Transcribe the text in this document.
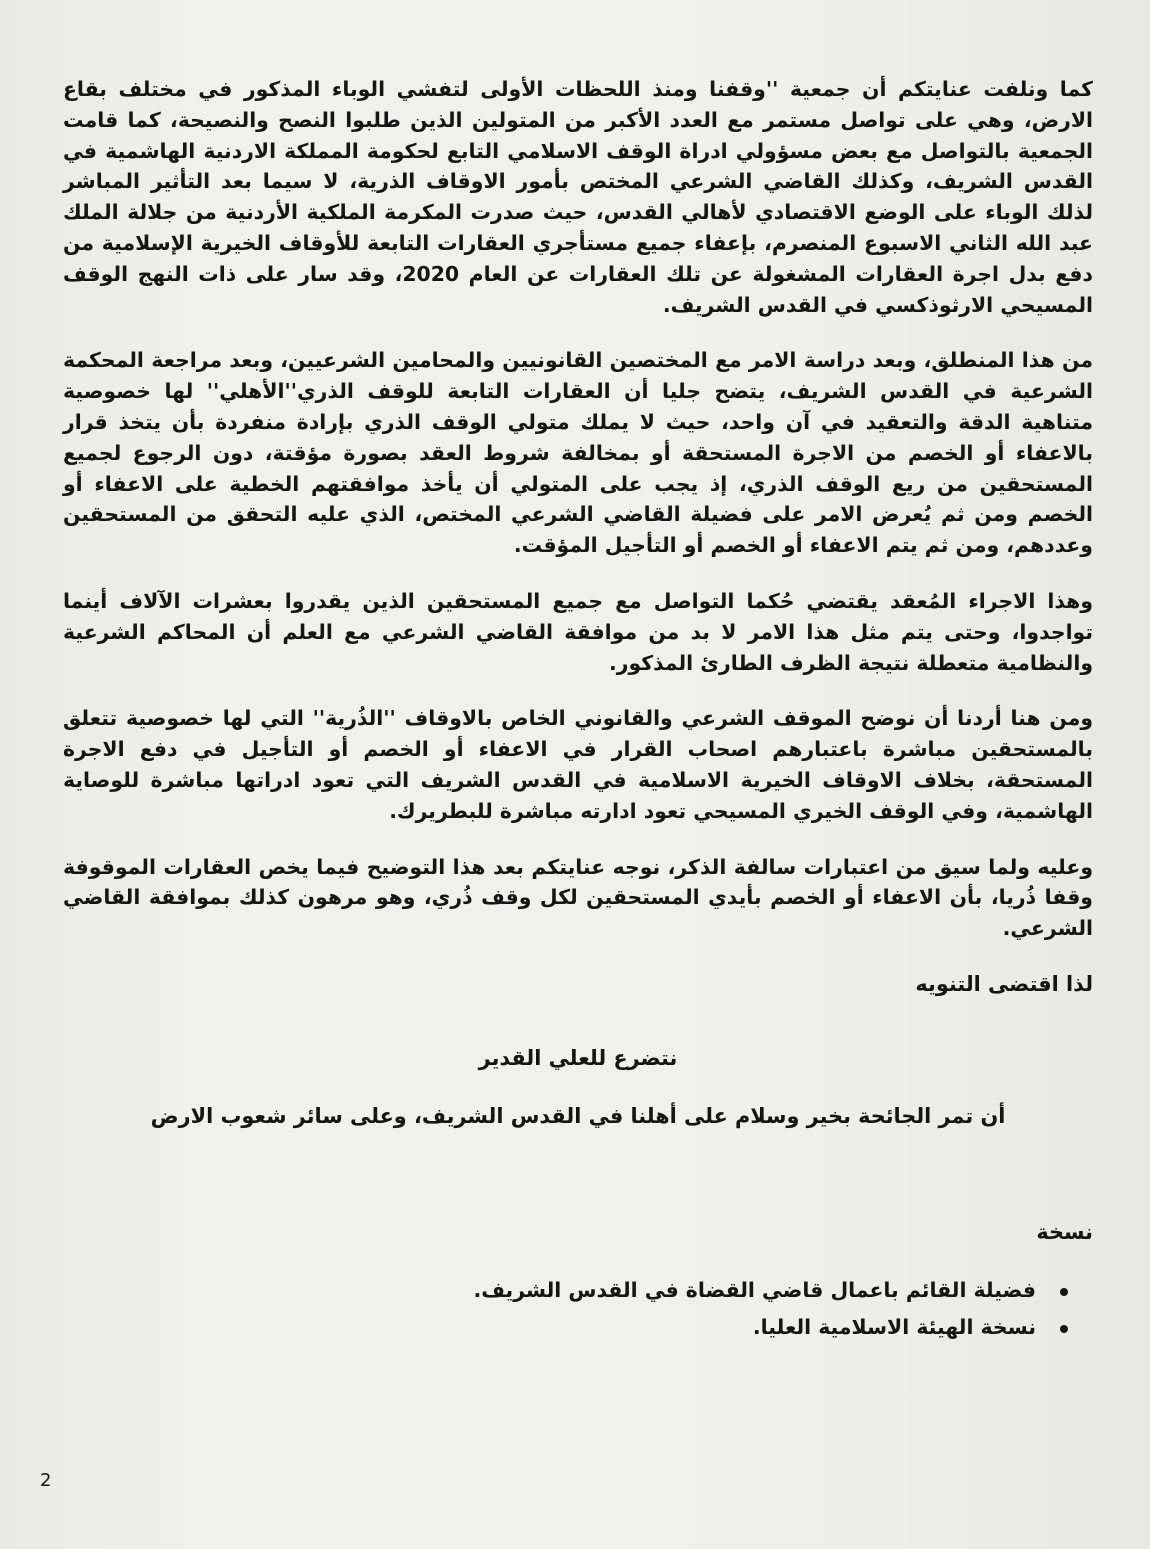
كما ونلفت عنايتكم أن جمعية ''وقفنا ومنذ اللحظات الأولى لتفشي الوباء المذكور في مختلف بقاع الارض، وهي على تواصل مستمر مع العدد الأكبر من المتولين الذين طلبوا النصح والنصيحة، كما قامت الجمعية بالتواصل مع بعض مسؤولي ادراة الوقف الاسلامي التابع لحكومة المملكة الاردنية الهاشمية في القدس الشريف، وكذلك القاضي الشرعي المختص بأمور الاوقاف الذرية، لا سيما بعد التأثير المباشر لذلك الوباء على الوضع الاقتصادي لأهالي القدس، حيث صدرت المكرمة الملكية الأردنية من جلالة الملك عبد الله الثاني الاسبوع المنصرم، بإعفاء جميع مستأجري العقارات التابعة للأوقاف الخيرية الإسلامية من دفع بدل اجرة العقارات المشغولة عن تلك العقارات عن العام 2020، وقد سار على ذات النهج الوقف المسيحي الارثوذكسي في القدس الشريف.

من هذا المنطلق، وبعد دراسة الامر مع المختصين القانونيين والمحامين الشرعيين، وبعد مراجعة المحكمة الشرعية في القدس الشريف، يتضح جليا أن العقارات التابعة للوقف الذري''الأهلي'' لها خصوصية متناهية الدقة والتعقيد في آن واحد، حيث لا يملك متولي الوقف الذري بإرادة منفردة بأن يتخذ قرار بالاعفاء أو الخصم من الاجرة المستحقة أو بمخالفة شروط العقد بصورة مؤقتة، دون الرجوع لجميع المستحقين من ريع الوقف الذري، إذ يجب على المتولي أن يأخذ موافقتهم الخطية على الاعفاء أو الخصم ومن ثم يُعرض الامر على فضيلة القاضي الشرعي المختص، الذي عليه التحقق من المستحقين وعددهم، ومن ثم يتم الاعفاء أو الخصم أو التأجيل المؤقت.

وهذا الاجراء المُعقد يقتضي حُكما التواصل مع جميع المستحقين الذين يقدروا بعشرات الآلاف أينما تواجدوا، وحتى يتم مثل هذا الامر لا بد من موافقة القاضي الشرعي مع العلم أن المحاكم الشرعية والنظامية متعطلة نتيجة الظرف الطارئ المذكور.

ومن هنا أردنا أن نوضح الموقف الشرعي والقانوني الخاص بالاوقاف ''الذُرية'' التي لها خصوصية تتعلق بالمستحقين مباشرة باعتبارهم اصحاب القرار في الاعفاء أو الخصم أو التأجيل في دفع الاجرة المستحقة، بخلاف الاوقاف الخيرية الاسلامية في القدس الشريف التي تعود ادراتها مباشرة للوصاية الهاشمية، وفي الوقف الخيري المسيحي تعود ادارته مباشرة للبطريرك.

وعليه ولما سيق من اعتبارات سالفة الذكر، نوجه عنايتكم بعد هذا التوضيح فيما يخص العقارات الموقوفة وقفا ذُريا، بأن الاعفاء أو الخصم بأيدي المستحقين لكل وقف ذُري، وهو مرهون كذلك بموافقة القاضي الشرعي.

لذا اقتضى التنويه

نتضرع للعلي القدير

أن تمر الجائحة بخير وسلام على أهلنا في القدس الشريف، وعلى سائر شعوب الارض

نسخة

فضيلة القائم باعمال قاضي القضاة في القدس الشريف.
نسخة الهيئة الاسلامية العليا.
2
